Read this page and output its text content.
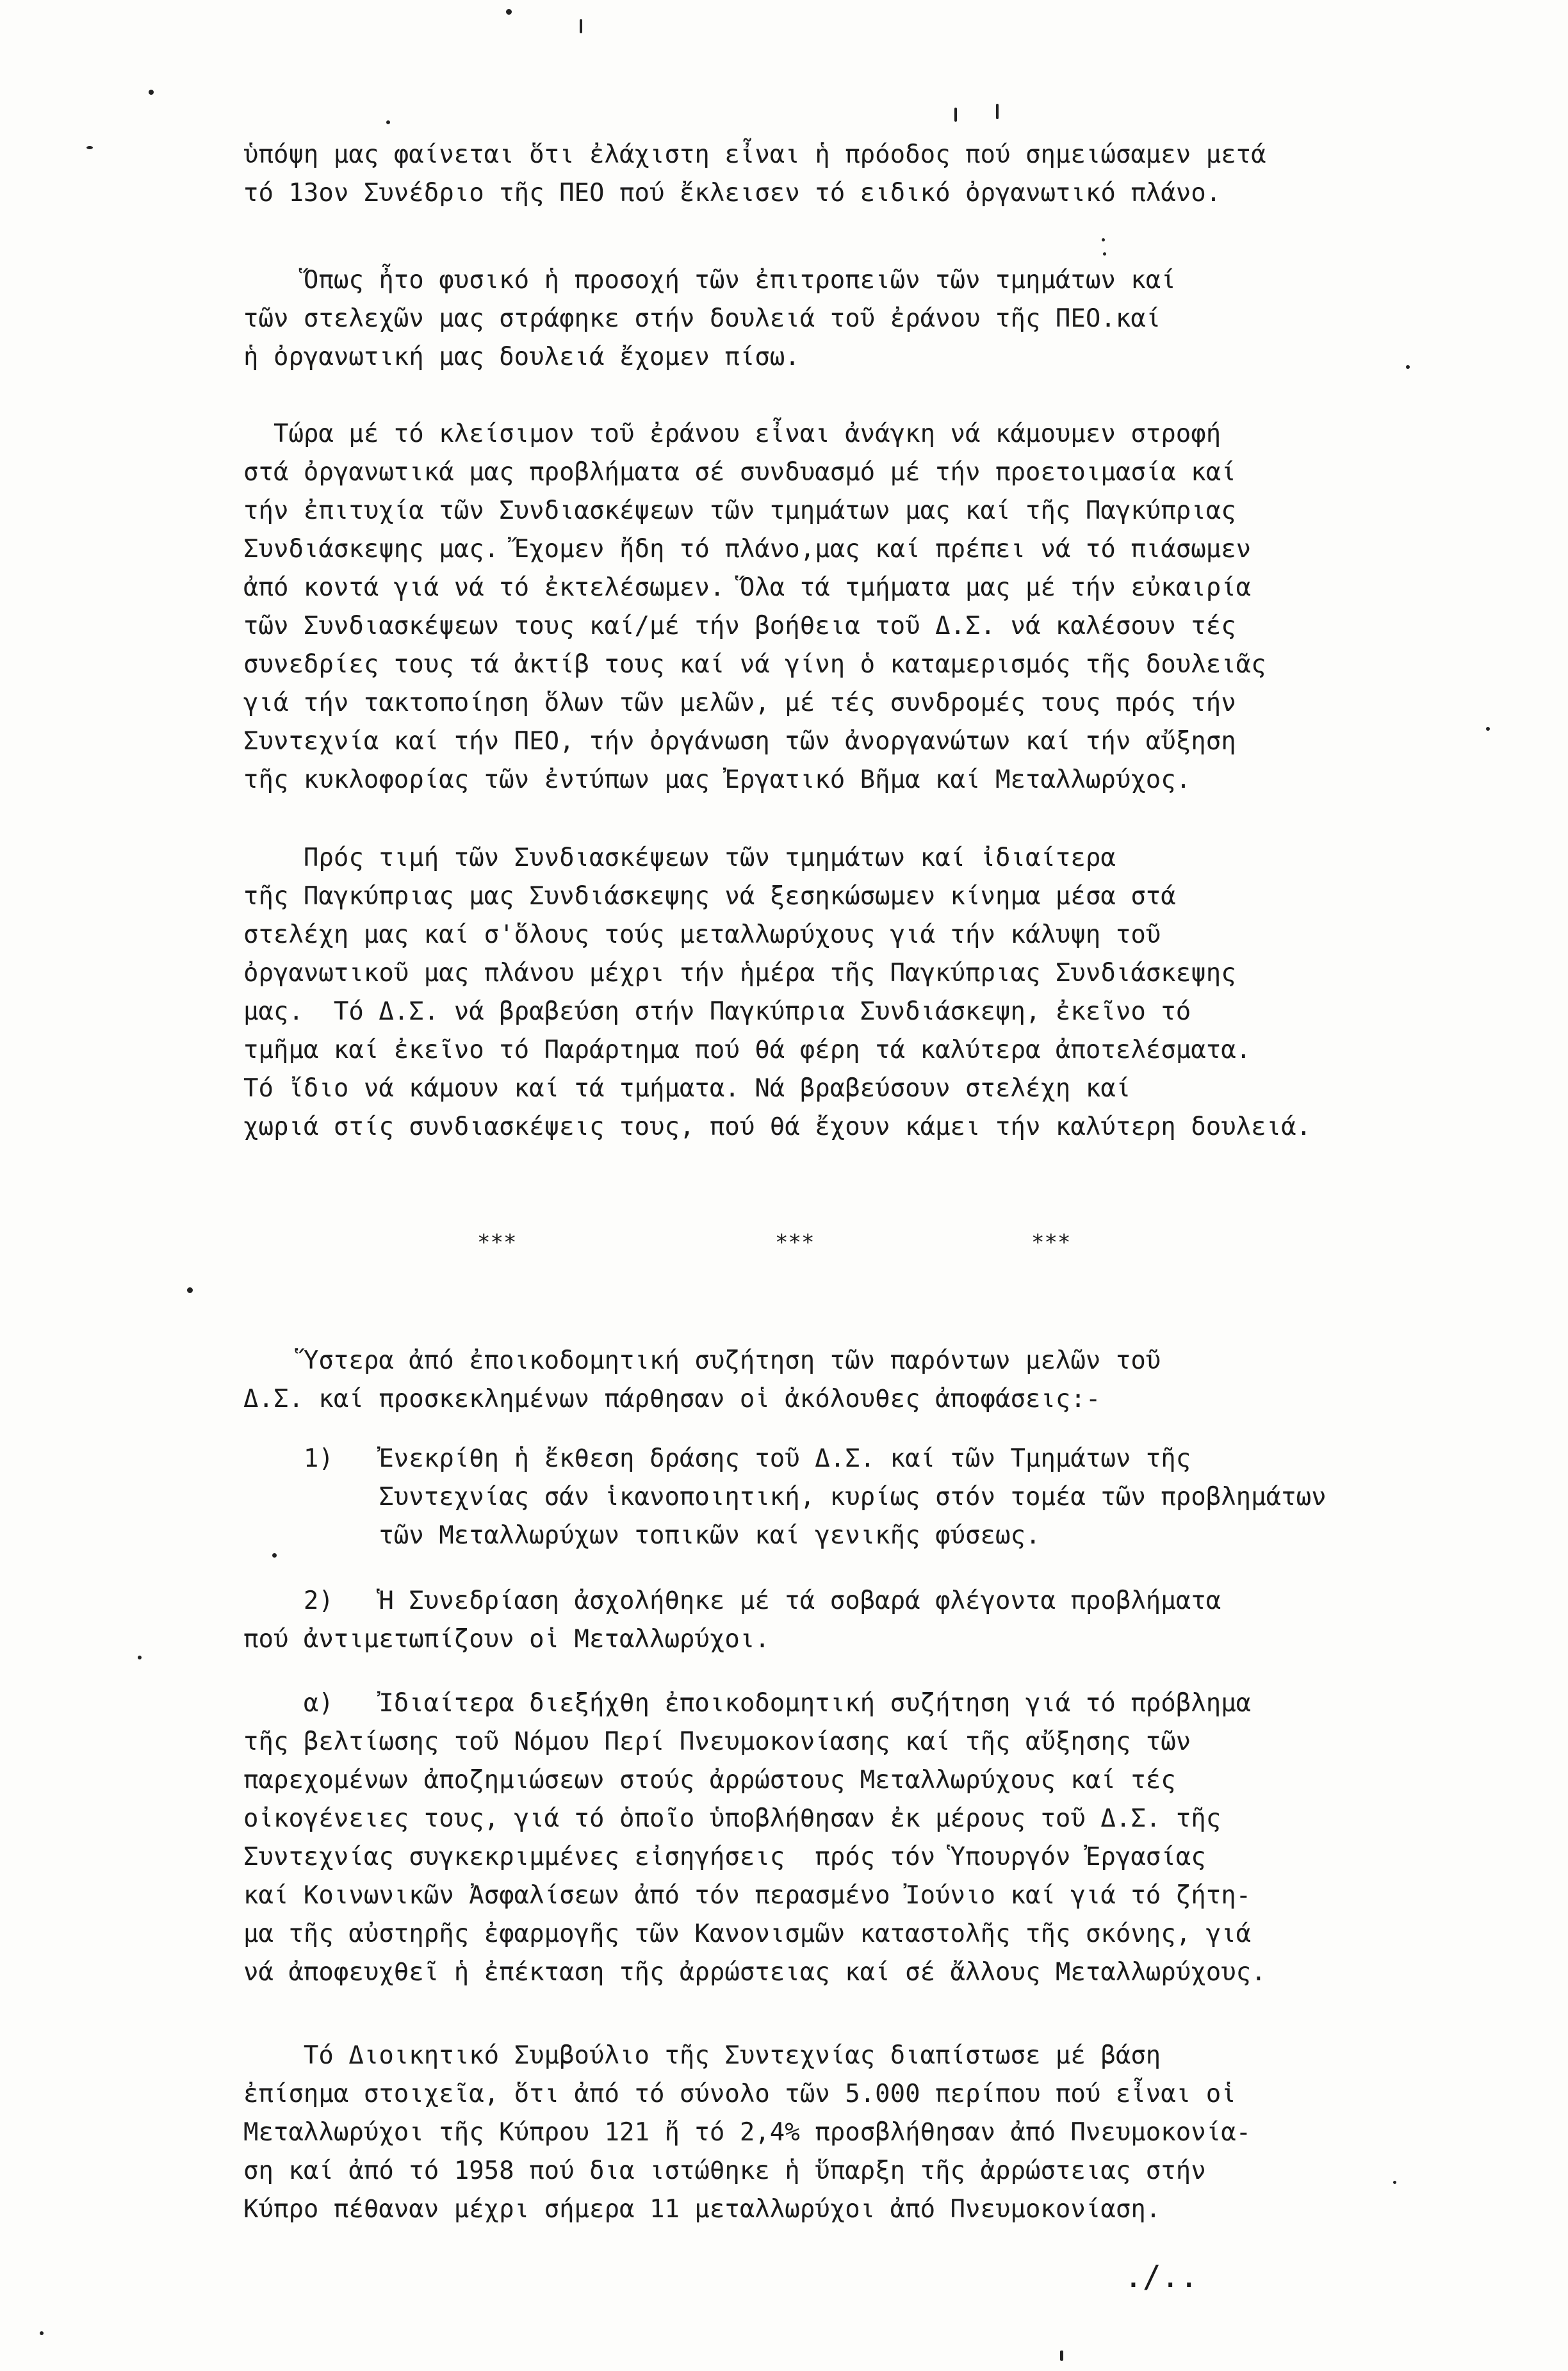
ὑπόψη μας φαίνεται ὅτι ἐλάχιστη εἶναι ἡ πρόοδος πού σημειώσαμεν μετά
τό 13ον Συνέδριο τῆς ΠΕΟ πού ἔκλεισεν τό ειδικό ὀργανωτικό πλάνο.
Ὅπως ἦτο φυσικό ἡ προσοχή τῶν ἐπιτροπειῶν τῶν τμημάτων καί
τῶν στελεχῶν μας στράφηκε στήν δουλειά τοῦ ἐράνου τῆς ΠΕΟ.καί
ἡ ὀργανωτική μας δουλειά ἔχομεν πίσω.
Τώρα μέ τό κλείσιμον τοῦ ἐράνου εἶναι ἀνάγκη νά κάμουμεν στροφή
στά ὀργανωτικά μας προβλήματα σέ συνδυασμό μέ τήν προετοιμασία καί
τήν ἐπιτυχία τῶν Συνδιασκέψεων τῶν τμημάτων μας καί τῆς Παγκύπριας
Συνδιάσκεψης μας. Ἔχομεν ἤδη τό πλάνο,μας καί πρέπει νά τό πιάσωμεν
ἀπό κοντά γιά νά τό ἐκτελέσωμεν. Ὅλα τά τμήματα μας μέ τήν εὐκαιρία
τῶν Συνδιασκέψεων τους καί/μέ τήν βοήθεια τοῦ Δ.Σ. νά καλέσουν τές
συνεδρίες τους τά ἀκτίβ τους καί νά γίνη ὁ καταμερισμός τῆς δουλειᾶς
γιά τήν τακτοποίηση ὅλων τῶν μελῶν, μέ τές συνδρομές τους πρός τήν
Συντεχνία καί τήν ΠΕΟ, τήν ὀργάνωση τῶν ἀνοργανώτων καί τήν αὔξηση
τῆς κυκλοφορίας τῶν ἐντύπων μας Ἐργατικό Βῆμα καί Μεταλλωρύχος.
Πρός τιμή τῶν Συνδιασκέψεων τῶν τμημάτων καί ἰδιαίτερα
τῆς Παγκύπριας μας Συνδιάσκεψης νά ξεσηκώσωμεν κίνημα μέσα στά
στελέχη μας καί σ'ὅλους τούς μεταλλωρύχους γιά τήν κάλυψη τοῦ
ὀργανωτικοῦ μας πλάνου μέχρι τήν ἡμέρα τῆς Παγκύπριας Συνδιάσκεψης
μας.  Τό Δ.Σ. νά βραβεύση στήν Παγκύπρια Συνδιάσκεψη, ἐκεῖνο τό
τμῆμα καί ἐκεῖνο τό Παράρτημα πού θά φέρη τά καλύτερα ἀποτελέσματα.
Τό ἴδιο νά κάμουν καί τά τμήματα. Νά βραβεύσουν στελέχη καί
χωριά στίς συνδιασκέψεις τους, πού θά ἔχουν κάμει τήν καλύτερη δουλειά.
***	***	***
Ὕστερα ἀπό ἐποικοδομητική συζήτηση τῶν παρόντων μελῶν τοῦ
Δ.Σ. καί προσκεκλημένων πάρθησαν οἱ ἀκόλουθες ἀποφάσεις:-
1)   Ἐνεκρίθη ἡ ἔκθεση δράσης τοῦ Δ.Σ. καί τῶν Τμημάτων τῆς
Συντεχνίας σάν ἱκανοποιητική, κυρίως στόν τομέα τῶν προβλημάτων
τῶν Μεταλλωρύχων τοπικῶν καί γενικῆς φύσεως.
2)   Ἡ Συνεδρίαση ἀσχολήθηκε μέ τά σοβαρά φλέγοντα προβλήματα
πού ἀντιμετωπίζουν οἱ Μεταλλωρύχοι.
α)   Ἰδιαίτερα διεξήχθη ἐποικοδομητική συζήτηση γιά τό πρόβλημα
τῆς βελτίωσης τοῦ Νόμου Περί Πνευμοκονίασης καί τῆς αὔξησης τῶν
παρεχομένων ἀποζημιώσεων στούς ἀρρώστους Μεταλλωρύχους καί τές
οἰκογένειες τους, γιά τό ὁποῖο ὑποβλήθησαν ἐκ μέρους τοῦ Δ.Σ. τῆς
Συντεχνίας συγκεκριμμένες εἰσηγήσεις  πρός τόν Ὑπουργόν Ἐργασίας
καί Κοινωνικῶν Ἀσφαλίσεων ἀπό τόν περασμένο Ἰούνιο καί γιά τό ζήτη-
μα τῆς αὐστηρῆς ἐφαρμογῆς τῶν Κανονισμῶν καταστολῆς τῆς σκόνης, γιά
νά ἀποφευχθεῖ ἡ ἐπέκταση τῆς ἀρρώστειας καί σέ ἄλλους Μεταλλωρύχους.
Τό Διοικητικό Συμβούλιο τῆς Συντεχνίας διαπίστωσε μέ βάση
ἐπίσημα στοιχεῖα, ὅτι ἀπό τό σύνολο τῶν 5.000 περίπου πού εἶναι οἱ
Μεταλλωρύχοι τῆς Κύπρου 121 ἤ τό 2,4% προσβλήθησαν ἀπό Πνευμοκονία-
ση καί ἀπό τό 1958 πού δια ιστώθηκε ἡ ὕπαρξη τῆς ἀρρώστειας στήν
Κύπρο πέθαναν μέχρι σήμερα 11 μεταλλωρύχοι ἀπό Πνευμοκονίαση.
./..
